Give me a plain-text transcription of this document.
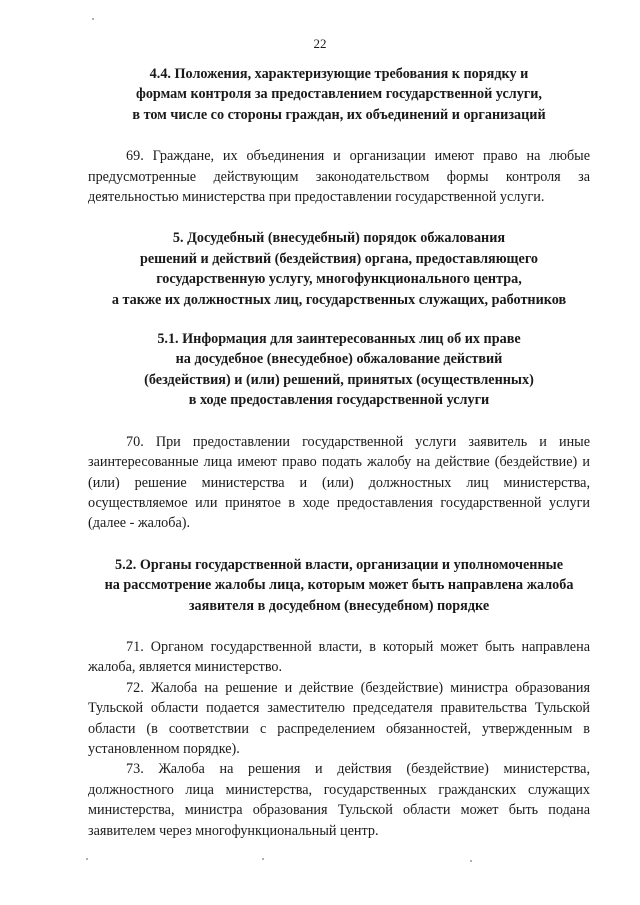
22
4.4. Положения, характеризующие требования к порядку и
формам контроля за предоставлением государственной услуги,
в том числе со стороны граждан, их объединений и организаций

69. Граждане, их объединения и организации имеют право на любые предусмотренные действующим законодательством формы контроля за деятельностью министерства при предоставлении государственной услуги.

5. Досудебный (внесудебный) порядок обжалования
решений и действий (бездействия) органа, предоставляющего
государственную услугу, многофункционального центра,
а также их должностных лиц, государственных служащих, работников
5.1. Информация для заинтересованных лиц об их праве
на досудебное (внесудебное) обжалование действий
(бездействия) и (или) решений, принятых (осуществленных)
в ходе предоставления государственной услуги

70. При предоставлении государственной услуги заявитель и иные заинтересованные лица имеют право подать жалобу на действие (бездействие) и (или) решение министерства и (или) должностных лиц министерства, осуществляемое или принятое в ходе предоставления государственной услуги (далее - жалоба).

5.2. Органы государственной власти, организации и уполномоченные
на рассмотрение жалобы лица, которым может быть направлена жалоба
заявителя в досудебном (внесудебном) порядке

71. Органом государственной власти, в который может быть направлена жалоба, является министерство.

72. Жалоба на решение и действие (бездействие) министра образования Тульской области подается заместителю председателя правительства Тульской области (в соответствии с распределением обязанностей, утвержденным в установленном порядке).

73. Жалоба на решения и действия (бездействие) министерства, должностного лица министерства, государственных гражданских служащих министерства, министра образования Тульской области может быть подана заявителем через многофункциональный центр.
